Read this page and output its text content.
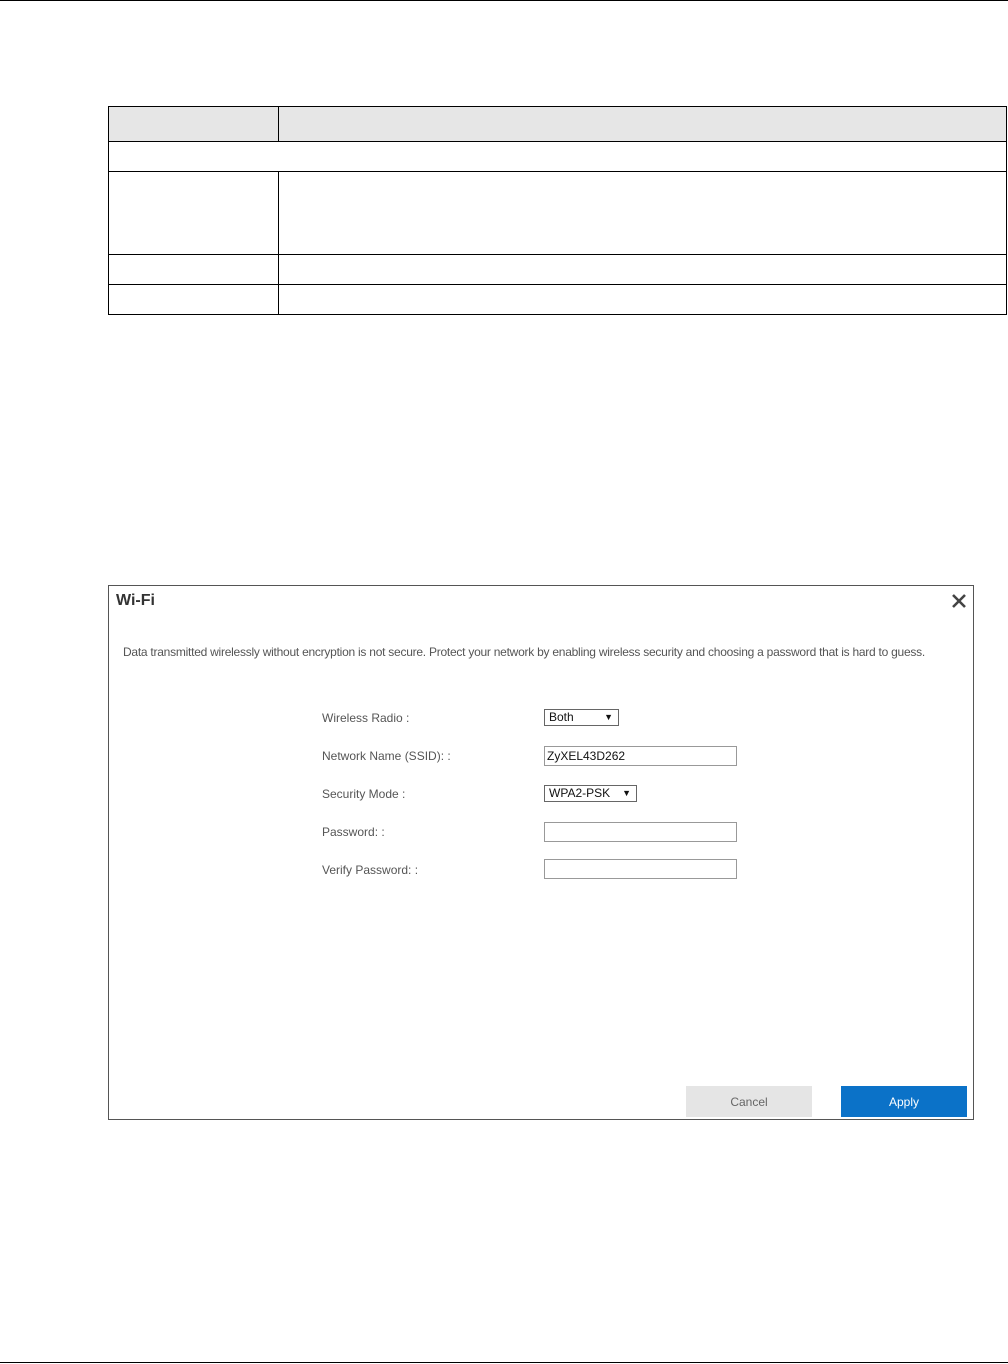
Wi-Fi
Data transmitted wirelessly without encryption is not secure. Protect your network by enabling wireless security and choosing a password that is hard to guess.
Wireless Radio :	Both	▼
Network Name (SSID): :
ZyXEL43D262
Security Mode :	WPA2-PSK ▼
Password: :
Verify Password: :
Cancel	Apply
